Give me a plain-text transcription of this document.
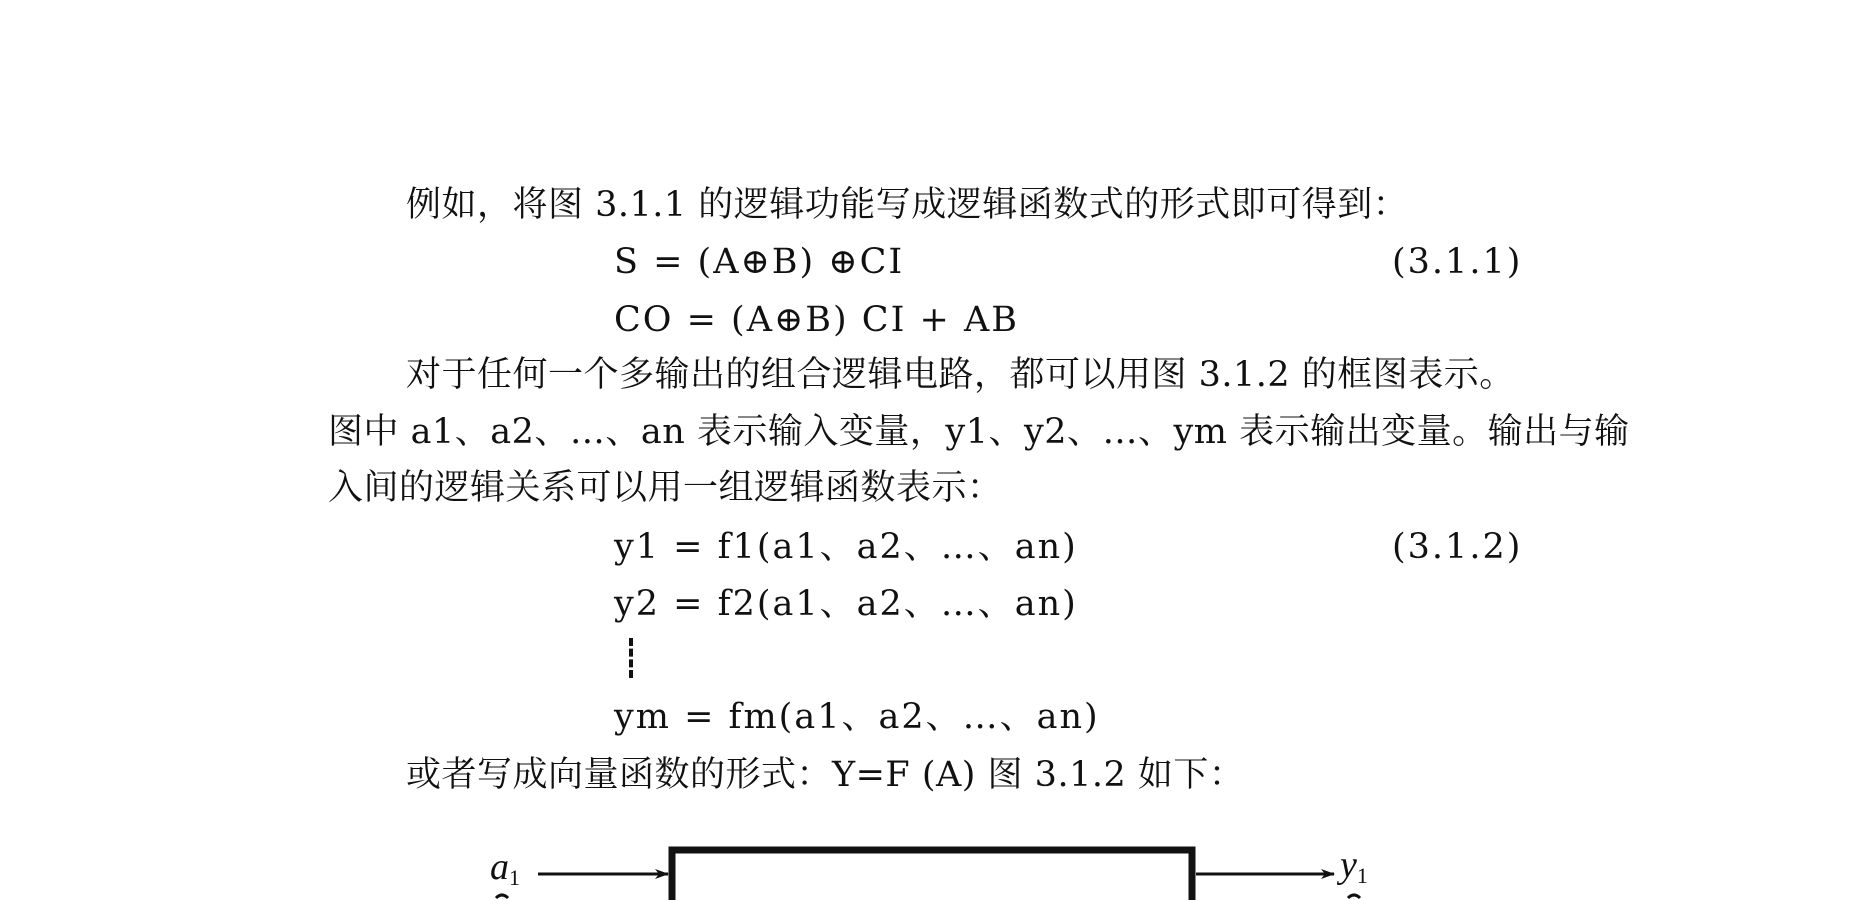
例如，将图 3.1.1 的逻辑功能写成逻辑函数式的形式即可得到：
S = (A⊕B) ⊕CI	(3.1.1)
CO = (A⊕B) CI + AB
对于任何一个多输出的组合逻辑电路，都可以用图 3.1.2 的框图表示。
图中 a1、a2、…、an 表示输入变量，y1、y2、…、ym 表示输出变量。输出与输
入间的逻辑关系可以用一组逻辑函数表示：
y1 = f1(a1、a2、…、an)	(3.1.2)
y2 = f2(a1、a2、…、an)
ym = fm(a1、a2、…、an)
或者写成向量函数的形式：Y=F (A) 图 3.1.2 如下：
$a_1$	$y_1$
